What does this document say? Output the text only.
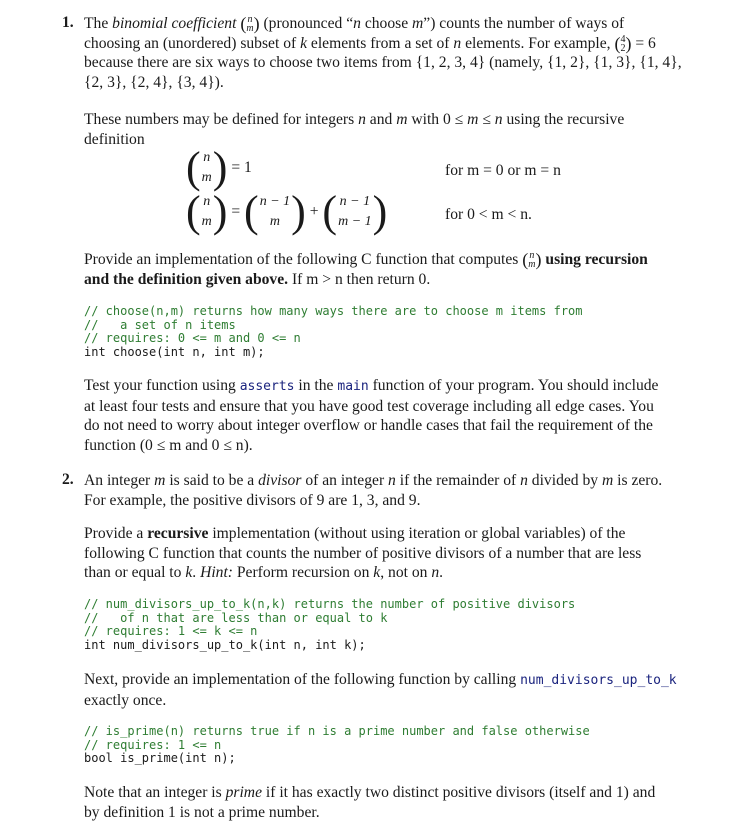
1. The binomial coefficient (n
m) (pronounced “n choose m”) counts the number of ways of
choosing an (unordered) subset of k elements from a set of n elements. For example, (4
2) = 6
because there are six ways to choose two items from {1, 2, 3, 4} (namely, {1, 2}, {1, 3}, {1, 4},
{2, 3}, {2, 4}, {3, 4}).
These numbers may be defined for integers n and m with 0 ≤ m ≤ n using the recursive
definition
( n
m) = 1	for m = 0 or m = n
( n
m) = (n − 1
m ) + ( n − 1
m − 1)	for 0 < m < n.
Provide an implementation of the following C function that computes (n
m) using recursion
and the definition given above. If m > n then return 0.
// choose(n,m) returns how many ways there are to choose m items from
//   a set of n items
// requires: 0 <= m and 0 <= n
int choose(int n, int m);
Test your function using asserts in the main function of your program. You should include
at least four tests and ensure that you have good test coverage including all edge cases. You
do not need to worry about integer overflow or handle cases that fail the requirement of the
function (0 ≤ m and 0 ≤ n).
2. An integer m is said to be a divisor of an integer n if the remainder of n divided by m is zero.
For example, the positive divisors of 9 are 1, 3, and 9.
Provide a recursive implementation (without using iteration or global variables) of the
following C function that counts the number of positive divisors of a number that are less
than or equal to k. Hint: Perform recursion on k, not on n.
// num_divisors_up_to_k(n,k) returns the number of positive divisors
//   of n that are less than or equal to k
// requires: 1 <= k <= n
int num_divisors_up_to_k(int n, int k);
Next, provide an implementation of the following function by calling num_divisors_up_to_k
exactly once.
// is_prime(n) returns true if n is a prime number and false otherwise
// requires: 1 <= n
bool is_prime(int n);
Note that an integer is prime if it has exactly two distinct positive divisors (itself and 1) and
by definition 1 is not a prime number.
